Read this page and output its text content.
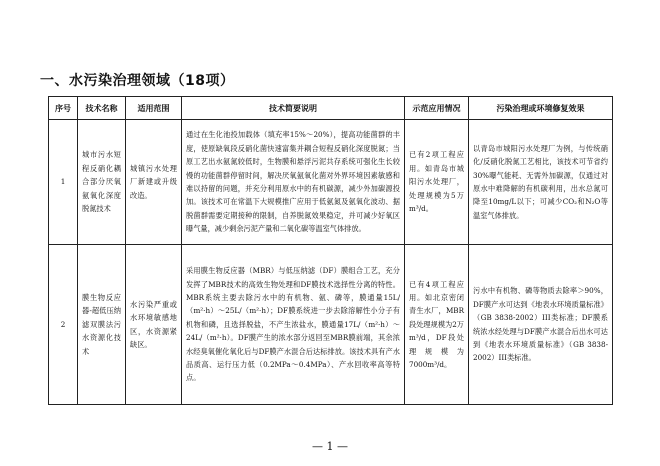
一、水污染治理领域（18项）
序号	技术名称	适用范围	技术简要说明	示范应用情况	污染治理或环境修复效果
1	城市污水短程反硝化耦合部分厌氧氨氧化深度脱氮技术	城镇污水处理厂新建或升级改造。	通过在生化池投加载体（填充率15%～20%），提高功能菌群的丰度，使原缺氧段反硝化菌快速富集并耦合短程反硝化深度脱氮；当原工艺出水氨氮较低时，生物膜和悬浮污泥共存系统可强化生长较慢的功能菌群停留时间，解决厌氧氨氧化菌对外界环境因素敏感和难以持留的问题，并充分利用原水中的有机碳源，减少外加碳源投加。该技术可在常温下大规模推广应用于低氨氮及氨氧化波动、据脱菌群需要定期接种的限制，自养脱氮效果稳定，并可减少好氧区曝气量，减少剩余污泥产量和二氧化碳等温室气体排放。	已有2项工程应用。如青岛市城阳污水处理厂，处理规模为5万m³/d。	以青岛市城阳污水处理厂为例，与传统硝化/反硝化脱氮工艺相比，该技术可节省约30%曝气能耗、无需外加碳源，仅通过对原水中难降解的有机碳利用，出水总氮可降至10mg/L以下；可减少CO₂和N₂O等温室气体排放。
2	膜生物反应器-超低压纳滤双膜法污水资源化技术	水污染严重或水环境敏感地区，水资源紧缺区。	采用膜生物反应器（MBR）与低压纳滤（DF）膜组合工艺，充分发挥了MBR技术的高效生物处理和DF膜技术选择性分离的特性。MBR系统主要去除污水中的有机物、氨、磷等，膜通量15L/（m²·h）～25L/（m²·h）；DF膜系统进一步去除溶解性小分子有机物和磷，且选择脱盐，不产生浓盐水，膜通量17L/（m²·h）～24L/（m²·h）。DF膜产生的浓水部分返回至MBR膜前端，其余浓水经臭氧催化氧化后与DF膜产水混合后达标排放。该技术具有产水品质高、运行压力低（0.2MPa～0.4MPa）、产水回收率高等特点。	已有4项工程应用。如北京密闭青生水厂，MBR段处理规模为2万m³/d，DF段处理规模为7000m³/d。	污水中有机物、磷等物质去除率＞90%，DF膜产水可达到《地表水环境质量标准》（GB 3838-2002）III类标准；DF膜系统浓水经处理与DF膜产水混合后出水可达到《地表水环境质量标准》（GB 3838-2002）III类标准。
— 1 —
